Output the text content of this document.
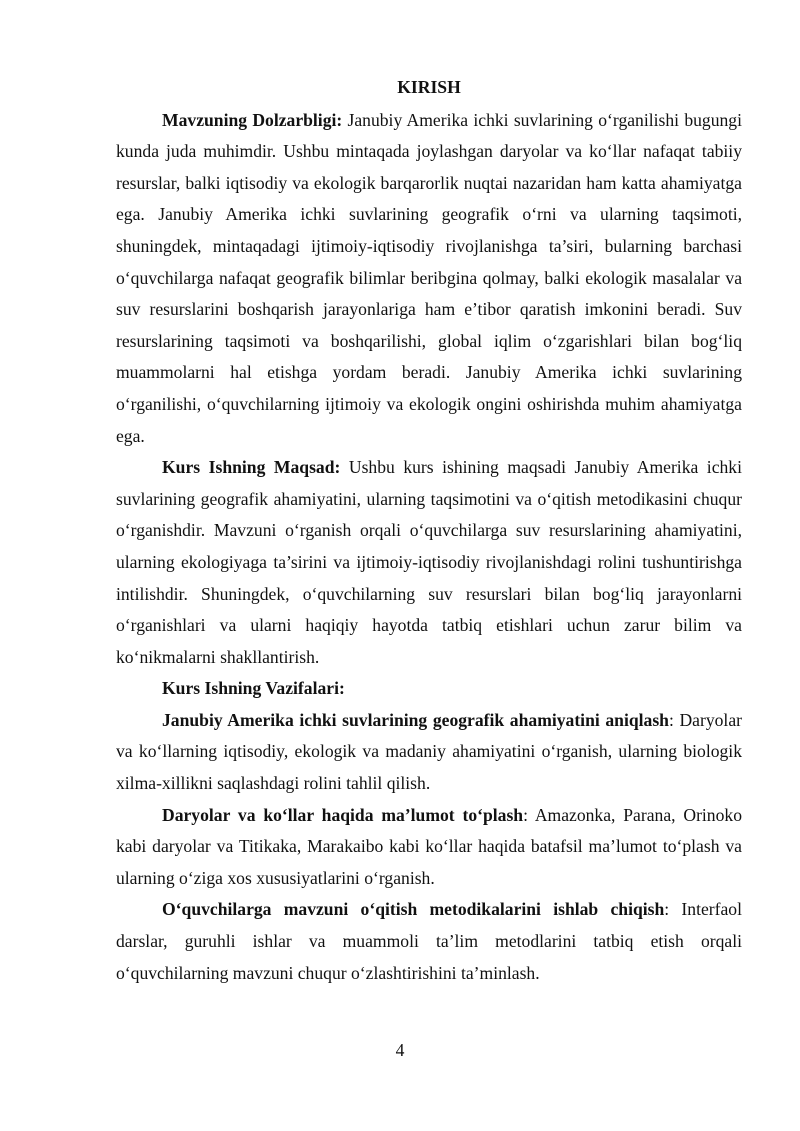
KIRISH

Mavzuning Dolzarbligi: Janubiy Amerika ichki suvlarining o‘rganilishi bugungi kunda juda muhimdir. Ushbu mintaqada joylashgan daryolar va ko‘llar nafaqat tabiiy resurslar, balki iqtisodiy va ekologik barqarorlik nuqtai nazaridan ham katta ahamiyatga ega. Janubiy Amerika ichki suvlarining geografik o‘rni va ularning taqsimoti, shuningdek, mintaqadagi ijtimoiy-iqtisodiy rivojlanishga ta’siri, bularning barchasi o‘quvchilarga nafaqat geografik bilimlar beribgina qolmay, balki ekologik masalalar va suv resurslarini boshqarish jarayonlariga ham e’tibor qaratish imkonini beradi. Suv resurslarining taqsimoti va boshqarilishi, global iqlim o‘zgarishlari bilan bog‘liq muammolarni hal etishga yordam beradi. Janubiy Amerika ichki suvlarining o‘rganilishi, o‘quvchilarning ijtimoiy va ekologik ongini oshirishda muhim ahamiyatga ega.

Kurs Ishning Maqsad: Ushbu kurs ishining maqsadi Janubiy Amerika ichki suvlarining geografik ahamiyatini, ularning taqsimotini va o‘qitish metodikasini chuqur o‘rganishdir. Mavzuni o‘rganish orqali o‘quvchilarga suv resurslarining ahamiyatini, ularning ekologiyaga ta’sirini va ijtimoiy-iqtisodiy rivojlanishdagi rolini tushuntirishga intilishdir. Shuningdek, o‘quvchilarning suv resurslari bilan bog‘liq jarayonlarni o‘rganishlari va ularni haqiqiy hayotda tatbiq etishlari uchun zarur bilim va ko‘nikmalarni shakllantirish.

Kurs Ishning Vazifalari:

Janubiy Amerika ichki suvlarining geografik ahamiyatini aniqlash: Daryolar va ko‘llarning iqtisodiy, ekologik va madaniy ahamiyatini o‘rganish, ularning biologik xilma-xillikni saqlashdagi rolini tahlil qilish.

Daryolar va ko‘llar haqida ma’lumot to‘plash: Amazonka, Parana, Orinoko kabi daryolar va Titikaka, Marakaibo kabi ko‘llar haqida batafsil ma’lumot to‘plash va ularning o‘ziga xos xususiyatlarini o‘rganish.

O‘quvchilarga mavzuni o‘qitish metodikalarini ishlab chiqish: Interfaol darslar, guruhli ishlar va muammoli ta’lim metodlarini tatbiq etish orqali o‘quvchilarning mavzuni chuqur o‘zlashtirishini ta’minlash.

4
